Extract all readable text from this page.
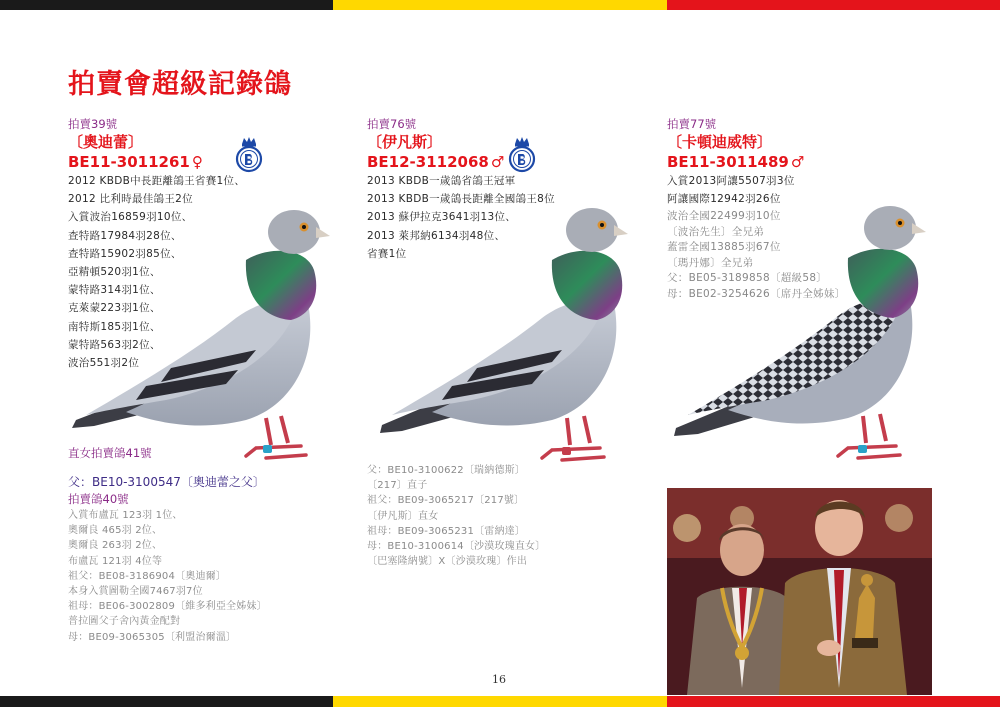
拍賣會超級記錄鴿
拍賣39號
〔奧迪蕾〕
BE11-3011261 ♀
2012 KBDB中長距離鴿王省賽1位、
2012 比利時最佳鴿王2位
入賞波治16859羽10位、
查特路17984羽28位、
查特路15902羽85位、
亞精頓520羽1位、
蒙特路314羽1位、
克萊蒙223羽1位、
南特斯185羽1位、
蒙特路563羽2位、
波治551羽2位
直女拍賣鴿41號
父：BE10-3100547〔奧迪蕾之父〕
拍賣鴿40號
入賞布盧瓦 123羽 1位、
奧爾良 465羽 2位、
奧爾良 263羽 2位、
布盧瓦 121羽 4位等
祖父：BE08-3186904〔奧迪爾〕
本身入賞圖勒全國7467羽7位
祖母：BE06-3002809〔維多利亞全姊妹〕
普拉圖父子舍內黃金配對
母：BE09-3065305〔利盟治爾溫〕
拍賣76號
〔伊凡斯〕
BE12-3112068 ♂
2013 KBDB一歲鴿省鴿王冠軍
2013 KBDB一歲鴿長距離全國鴿王8位
2013 蘇伊拉克3641羽13位、
2013 萊邦納6134羽48位、
省賽1位
父：BE10-3100622〔瑞納德斯〕
〔217〕直子
祖父：BE09-3065217〔217號〕
〔伊凡斯〕直女
祖母：BE09-3065231〔雷納達〕
母：BE10-3100614〔沙漠玫瑰直女〕
〔巴塞隆納號〕X〔沙漠玫瑰〕作出
拍賣77號
〔卡頓迪威特〕
BE11-3011489 ♂
入賞2013阿讓5507羽3位
阿讓國際12942羽26位
波治全國22499羽10位
〔波治先生〕全兄弟
蓋雷全國13885羽67位
〔瑪丹娜〕全兄弟
父：BE05-3189858〔超級58〕
母：BE02-3254626〔席丹全姊妹〕
16
